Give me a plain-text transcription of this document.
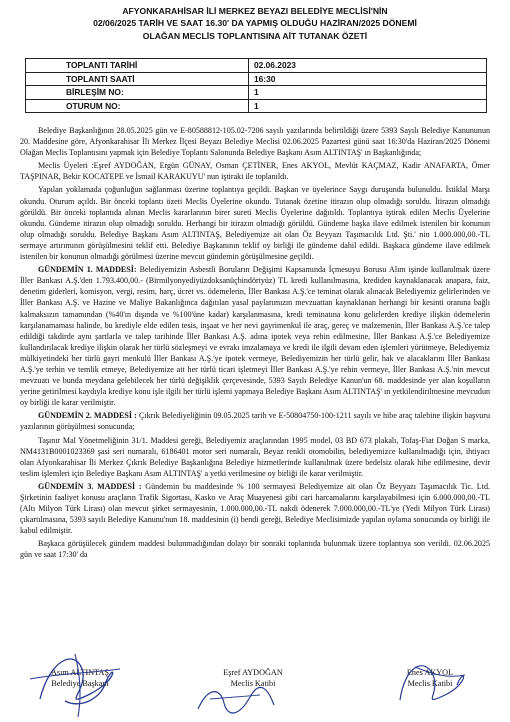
AFYONKARAHİSAR İLİ MERKEZ BEYAZI BELEDİYE MECLİSİ'NİN
02/06/2025 TARİH VE SAAT 16.30' DA YAPMIŞ OLDUĞU HAZİRAN/2025 DÖNEMİ
OLAĞAN MECLİS TOPLANTISINA AİT TUTANAK ÖZETİ
TOPLANTI TARİHİ	02.06.2023
TOPLANTI SAATİ	16:30
BİRLEŞİM NO:	1
OTURUM NO:	1

Belediye Başkanlığının 28.05.2025 gün ve E-80588812-105.02-7206 sayılı yazılarında belirtildiği üzere 5393 Sayılı Belediye Kanununun 20. Maddesine göre, Afyonkarahisar İli Merkez İlçesi Beyazı Belediye Meclisi 02.06.2025 Pazartesi günü saat 16:30'da Haziran/2025 Dönemi Olağan Meclis Toplantısını yapmak için Belediye Toplantı Salonunda Belediye Başkanı Asım ALTINTAŞ' ın Başkanlığında;

Meclis Üyeleri :Eşref AYDOĞAN, Ergün GÜNAY, Osman ÇETİNER, Enes AKYOL, Mevlüt KAÇMAZ, Kadir ANAFARTA, Ömer TAŞPINAR, Bekir KOCATEPE ve İsmail KARAKUYU' nun iştiraki ile toplanıldı.

Yapılan yoklamada çoğunluğun sağlanması üzerine toplantıya geçildi. Başkan ve üyelerince Saygı duruşunda bulunuldu. İstiklal Marşı okundu. Oturum açıldı. Bir önceki toplantı özeti Meclis Üyelerine okundu. Tutanak özetine itirazın olup olmadığı soruldu. İtirazın olmadığı görüldü. Bir önceki toplantıda alınan Meclis kararlarının birer sureti Meclis Üyelerine dağıtıldı. Toplantıya iştirak edilen Meclis Üyelerine okundu. Gündeme itirazın olup olmadığı soruldu. Herhangi bir itirazın olmadığı görüldü. Gündeme başka ilave edilmek istenilen bir konunun olup olmadığı soruldu. Belediye Başkanı Asım ALTINTAŞ, Belediyemize ait olan Öz Beyyazı Taşımacılık Ltd. Şti.' nin 1.000.000,00.-TL sermaye artırımının görüşülmesini teklif etti. Belediye Başkanının teklif oy birliği ile gündeme dahil edildi. Başkaca gündeme ilave edilmek istenilen bir konunun olmadığı görülmesi üzerine mevcut gündemin görüşülmesine geçildi.

GÜNDEMİN 1. MADDESİ: Belediyemizin Asbestli Boruların Değişimi Kapsamında İçmesuyu Borusu Alım işinde kullanılmak üzere İller Bankası A.Ş.'den 1.793.400,00.- (Birmilyonyediyüzdoksanüçbindörtyüz) TL kredi kullanılmasına, krediden kaynaklanacak anapara, faiz, denetim giderleri, komisyon, vergi, resim, harç, ücret vs. ödemelerin, İller Bankası A.Ş.'ce teminat olarak alınacak Belediyemiz gelirlerinden ve İller Bankası A.Ş. ve Hazine ve Maliye Bakanlığınca dağıtılan yasal paylarımızın mevzuattan kaynaklanan herhangi bir kesinti oranına bağlı kalmaksızın tamamından (%40'ın dışında ve %100'üne kadar) karşılanmasına, kredi teminatına konu gelirlerden krediye ilişkin ödemelerin karşılanamaması halinde, bu krediyle elde edilen tesis, inşaat ve her nevi gayrimenkul ile araç, gereç ve malzemenin, İller Bankası A.Ş.'ce talep edildiği takdirde aynı şartlarla ve talep tarihinde İller Bankası A.Ş. adına ipotek veya rehin edilmesine, İller Bankası A.Ş.'ce Belediyemize kullandırılacak krediye ilişkin olarak her türlü sözleşmeyi ve evrakı imzalamaya ve kredi ile ilgili devam eden işlemleri yürütmeye, Belediyemiz mülkiyetindeki her türlü gayri menkulü İller Bankası A.Ş.'ye ipotek vermeye, Belediyemizin her türlü gelir, hak ve alacaklarını İller Bankası A.Ş.'ye terhin ve temlik etmeye, Belediyemize ait her türlü ticari işletmeyi İller Bankası A.Ş.'ye rehin vermeye, İller Bankası A.Ş.'nin mevcut mevzuatı ve bunda meydana gelebilecek her türlü değişiklik çerçevesinde, 5393 Sayılı Belediye Kanun'un 68. maddesinde yer alan koşulların yerine getirilmesi kaydıyla krediye konu işle ilgili her türlü işlemi yapmaya Belediye Başkanı Asım ALTINTAŞ' ın yetkilendirilmesine mevcudun oy birliği ile karar verilmiştir.

GÜNDEMİN 2. MADDESİ : Çıkrık Belediyeliğinin 09.05.2025 tarih ve E-50804750-100-1211 sayılı ve hibe araç talebine ilişkin başvuru yazılarının görüşülmesi sonucunda;

Taşınır Mal Yönetmeliğinin 31/1. Maddesi gereği, Belediyemiz araçlarından 1995 model, 03 BD 673 plakalı, Tofaş-Fiat Doğan S marka, NM4131B0001023369 şasi seri numaralı, 6186401 motor seri numaralı, Beyaz renkli otomobilin, belediyemizce kullanılmadığı için, ihtiyacı olan Afyonkarahisar İli Merkez Çıkrık Belediye Başkanlığına Belediye hizmetlerinde kullanılmak üzere bedelsiz olarak hibe edilmesine, devir teslim işlemleri için Belediye Başkanı Asım ALTINTAŞ' a yetki verilmesine oy birliği ile karar verilmiştir.

GÜNDEMİN 3. MADDESİ : Gündemin bu maddesinde % 100 sermayesi Belediyemize ait olan Öz Beyyazı Taşımacılık Tic. Ltd. Şirketinin faaliyet konusu araçların Trafik Sigortası, Kasko ve Araç Muayenesi gibi cari harcamalarını karşılayabilmesi için 6.000.000,00.-TL (Altı Milyon Türk Lirası) olan mevcut şirket sermayesinin, 1.000.000,00.-TL nakdi ödenerek 7.000.000,00.-TL'ye (Yedi Milyon Türk Lirası) çıkartılmasına, 5393 sayılı Belediye Kanunu'nun 18. maddesinin (i) bendi gereği, Belediye Meclisimizde yapılan oylama sonucunda oy birliği ile kabul edilmiştir.

Başkaca görüşülecek gündem maddesi bulunmadığından dolayı bir sonraki toplantıda bulunmak üzere toplantıya son verildi. 02.06.2025 gün ve saat 17:30' da

Asım ALTINTAŞ
Belediye Başkanı
Eşref AYDOĞAN
Meclis Katibi
Enes AKYOL
Meclis Katibi
